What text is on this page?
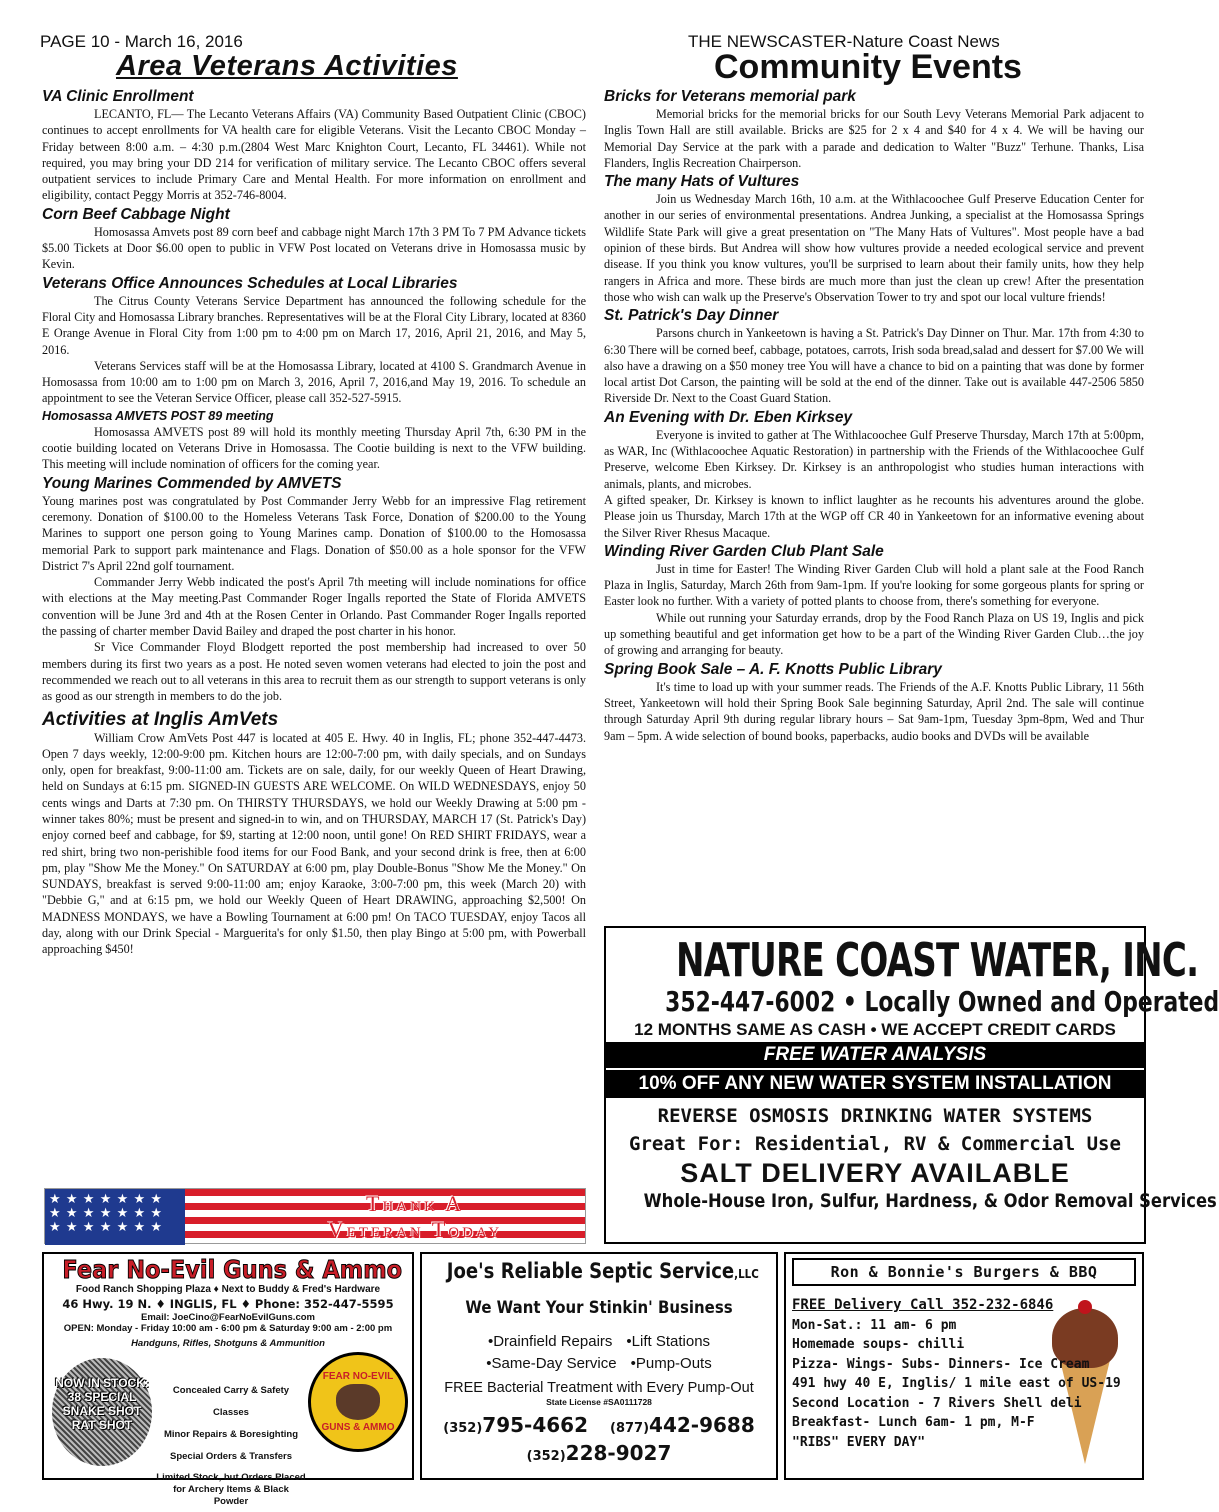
PAGE 10 - March 16, 2016	THE NEWSCASTER-Nature Coast News
Area Veterans Activities	Community Events
VA Clinic Enrollment

LECANTO, FL— The Lecanto Veterans Affairs (VA) Community Based Outpatient Clinic (CBOC) continues to accept enrollments for VA health care for eligible Veterans. Visit the Lecanto CBOC Monday – Friday between 8:00 a.m. – 4:30 p.m.(2804 West Marc Knighton Court, Lecanto, FL 34461). While not required, you may bring your DD 214 for verification of military service. The Lecanto CBOC offers several outpatient services to include Primary Care and Mental Health. For more information on enrollment and eligibility, contact Peggy Morris at 352-746-8004.

Corn Beef Cabbage Night

Homosassa Amvets post 89 corn beef and cabbage night March 17th 3 PM To 7 PM Advance tickets $5.00 Tickets at Door $6.00 open to public in VFW Post located on Veterans drive in Homosassa music by Kevin.

Veterans Office Announces Schedules at Local Libraries

The Citrus County Veterans Service Department has announced the following schedule for the Floral City and Homosassa Library branches. Representatives will be at the Floral City Library, located at 8360 E Orange Avenue in Floral City from 1:00 pm to 4:00 pm on March 17, 2016, April 21, 2016, and May 5, 2016.

Veterans Services staff will be at the Homosassa Library, located at 4100 S. Grandmarch Avenue in Homosassa from 10:00 am to 1:00 pm on March 3, 2016, April 7, 2016,and May 19, 2016. To schedule an appointment to see the Veteran Service Officer, please call 352-527-5915.

Homosassa AMVETS POST 89 meeting

Homosassa AMVETS post 89 will hold its monthly meeting Thursday April 7th, 6:30 PM in the cootie building located on Veterans Drive in Homosassa. The Cootie building is next to the VFW building. This meeting will include nomination of officers for the coming year.

Young Marines Commended by AMVETS

Young marines post was congratulated by Post Commander Jerry Webb for an impressive Flag retirement ceremony. Donation of $100.00 to the Homeless Veterans Task Force, Donation of $200.00 to the Young Marines to support one person going to Young Marines camp. Donation of $100.00 to the Homosassa memorial Park to support park maintenance and Flags. Donation of $50.00 as a hole sponsor for the VFW District 7's April 22nd golf tournament.

Commander Jerry Webb indicated the post's April 7th meeting will include nominations for office with elections at the May meeting.Past Commander Roger Ingalls reported the State of Florida AMVETS convention will be June 3rd and 4th at the Rosen Center in Orlando. Past Commander Roger Ingalls reported the passing of charter member David Bailey and draped the post charter in his honor.

Sr Vice Commander Floyd Blodgett reported the post membership had increased to over 50 members during its first two years as a post. He noted seven women veterans had elected to join the post and recommended we reach out to all veterans in this area to recruit them as our strength to support veterans is only as good as our strength in members to do the job.

Activities at Inglis AmVets

William Crow AmVets Post 447 is located at 405 E. Hwy. 40 in Inglis, FL; phone 352-447-4473. Open 7 days weekly, 12:00-9:00 pm. Kitchen hours are 12:00-7:00 pm, with daily specials, and on Sundays only, open for breakfast, 9:00-11:00 am. Tickets are on sale, daily, for our weekly Queen of Heart Drawing, held on Sundays at 6:15 pm. SIGNED-IN GUESTS ARE WELCOME. On WILD WEDNESDAYS, enjoy 50 cents wings and Darts at 7:30 pm. On THIRSTY THURSDAYS, we hold our Weekly Drawing at 5:00 pm - winner takes 80%; must be present and signed-in to win, and on THURSDAY, MARCH 17 (St. Patrick's Day) enjoy corned beef and cabbage, for $9, starting at 12:00 noon, until gone! On RED SHIRT FRIDAYS, wear a red shirt, bring two non-perishible food items for our Food Bank, and your second drink is free, then at 6:00 pm, play "Show Me the Money." On SATURDAY at 6:00 pm, play Double-Bonus "Show Me the Money." On SUNDAYS, breakfast is served 9:00-11:00 am; enjoy Karaoke, 3:00-7:00 pm, this week (March 20) with "Debbie G," and at 6:15 pm, we hold our Weekly Queen of Heart DRAWING, approaching $2,500! On MADNESS MONDAYS, we have a Bowling Tournament at 6:00 pm! On TACO TUESDAY, enjoy Tacos all day, along with our Drink Special - Marguerita's for only $1.50, then play Bingo at 5:00 pm, with Powerball approaching $450!

Bricks for Veterans memorial park

Memorial bricks for the memorial bricks for our South Levy Veterans Memorial Park adjacent to Inglis Town Hall are still available. Bricks are $25 for 2 x 4 and $40 for 4 x 4. We will be having our Memorial Day Service at the park with a parade and dedication to Walter "Buzz" Terhune. Thanks, Lisa Flanders, Inglis Recreation Chairperson.

The many Hats of Vultures

Join us Wednesday March 16th, 10 a.m. at the Withlacoochee Gulf Preserve Education Center for another in our series of environmental presentations. Andrea Junking, a specialist at the Homosassa Springs Wildlife State Park will give a great presentation on "The Many Hats of Vultures". Most people have a bad opinion of these birds. But Andrea will show how vultures provide a needed ecological service and prevent disease. If you think you know vultures, you'll be surprised to learn about their family units, how they help rangers in Africa and more. These birds are much more than just the clean up crew! After the presentation those who wish can walk up the Preserve's Observation Tower to try and spot our local vulture friends!

St. Patrick's Day Dinner

Parsons church in Yankeetown is having a St. Patrick's Day Dinner on Thur. Mar. 17th from 4:30 to 6:30 There will be corned beef, cabbage, potatoes, carrots, Irish soda bread,salad and dessert for $7.00 We will also have a drawing on a $50 money tree You will have a chance to bid on a painting that was done by former local artist Dot Carson, the painting will be sold at the end of the dinner. Take out is available 447-2506 5850 Riverside Dr. Next to the Coast Guard Station.

An Evening with Dr. Eben Kirksey

Everyone is invited to gather at The Withlacoochee Gulf Preserve Thursday, March 17th at 5:00pm, as WAR, Inc (Withlacoochee Aquatic Restoration) in partnership with the Friends of the Withlacoochee Gulf Preserve, welcome Eben Kirksey. Dr. Kirksey is an anthropologist who studies human interactions with animals, plants, and microbes.

A gifted speaker, Dr. Kirksey is known to inflict laughter as he recounts his adventures around the globe. Please join us Thursday, March 17th at the WGP off CR 40 in Yankeetown for an informative evening about the Silver River Rhesus Macaque.

Winding River Garden Club Plant Sale

Just in time for Easter! The Winding River Garden Club will hold a plant sale at the Food Ranch Plaza in Inglis, Saturday, March 26th from 9am-1pm. If you're looking for some gorgeous plants for spring or Easter look no further. With a variety of potted plants to choose from, there's something for everyone.

While out running your Saturday errands, drop by the Food Ranch Plaza on US 19, Inglis and pick up something beautiful and get information get how to be a part of the Winding River Garden Club…the joy of growing and arranging for beauty.

Spring Book Sale – A. F. Knotts Public Library

It's time to load up with your summer reads. The Friends of the A.F. Knotts Public Library, 11 56th Street, Yankeetown will hold their Spring Book Sale beginning Saturday, April 2nd. The sale will continue through Saturday April 9th during regular library hours – Sat 9am-1pm, Tuesday 3pm-8pm, Wed and Thur 9am – 5pm. A wide selection of bound books, paperbacks, audio books and DVDs will be available

★ ★ ★ ★ ★ ★ ★
★ ★ ★ ★ ★ ★ ★
★ ★ ★ ★ ★ ★ ★
Thank A
Veteran Today
NATURE COAST WATER, INC.
352-447-6002 • Locally Owned and Operated
12 MONTHS SAME AS CASH • WE ACCEPT CREDIT CARDS
FREE WATER ANALYSIS
10% OFF ANY NEW WATER SYSTEM INSTALLATION
REVERSE OSMOSIS DRINKING WATER SYSTEMS
Great For: Residential, RV & Commercial Use
SALT DELIVERY AVAILABLE
Whole-House Iron, Sulfur, Hardness, & Odor Removal Services
Fear No-Evil Guns & Ammo
Food Ranch Shopping Plaza ♦ Next to Buddy & Fred's Hardware
46 Hwy. 19 N. ♦ INGLIS, FL ♦ Phone: 352-447-5595
Email: JoeCino@FearNoEvilGuns.com
OPEN: Monday - Friday 10:00 am - 6:00 pm & Saturday 9:00 am - 2:00 pm
Handguns, Rifles, Shotguns & Ammunition
NOW IN STOCK: 38 SPECIAL SNAKE SHOT RAT SHOT
Concealed Carry & Safety Classes
Minor Repairs & Boresighting
Special Orders & Transfers
Limited Stock, but Orders Placed for Archery Items & Black Powder
FEAR NO-EVIL
GUNS & AMMO
Joe's Reliable Septic Service,LLC
We Want Your Stinkin' Business
•Drainfield Repairs •Lift Stations
•Same-Day Service •Pump-Outs
FREE Bacterial Treatment with Every Pump-Out
State License #SA0111728
(352)795-4662 (877)442-9688
(352)228-9027
Ron & Bonnie's Burgers & BBQ
FREE Delivery Call 352-232-6846
Mon-Sat.: 11 am- 6 pm
Homemade soups- chilli
Pizza- Wings- Subs- Dinners- Ice Cream
491 hwy 40 E, Inglis/ 1 mile east of US-19
Second Location - 7 Rivers Shell deli
Breakfast- Lunch 6am- 1 pm, M-F
"RIBS" EVERY DAY"
